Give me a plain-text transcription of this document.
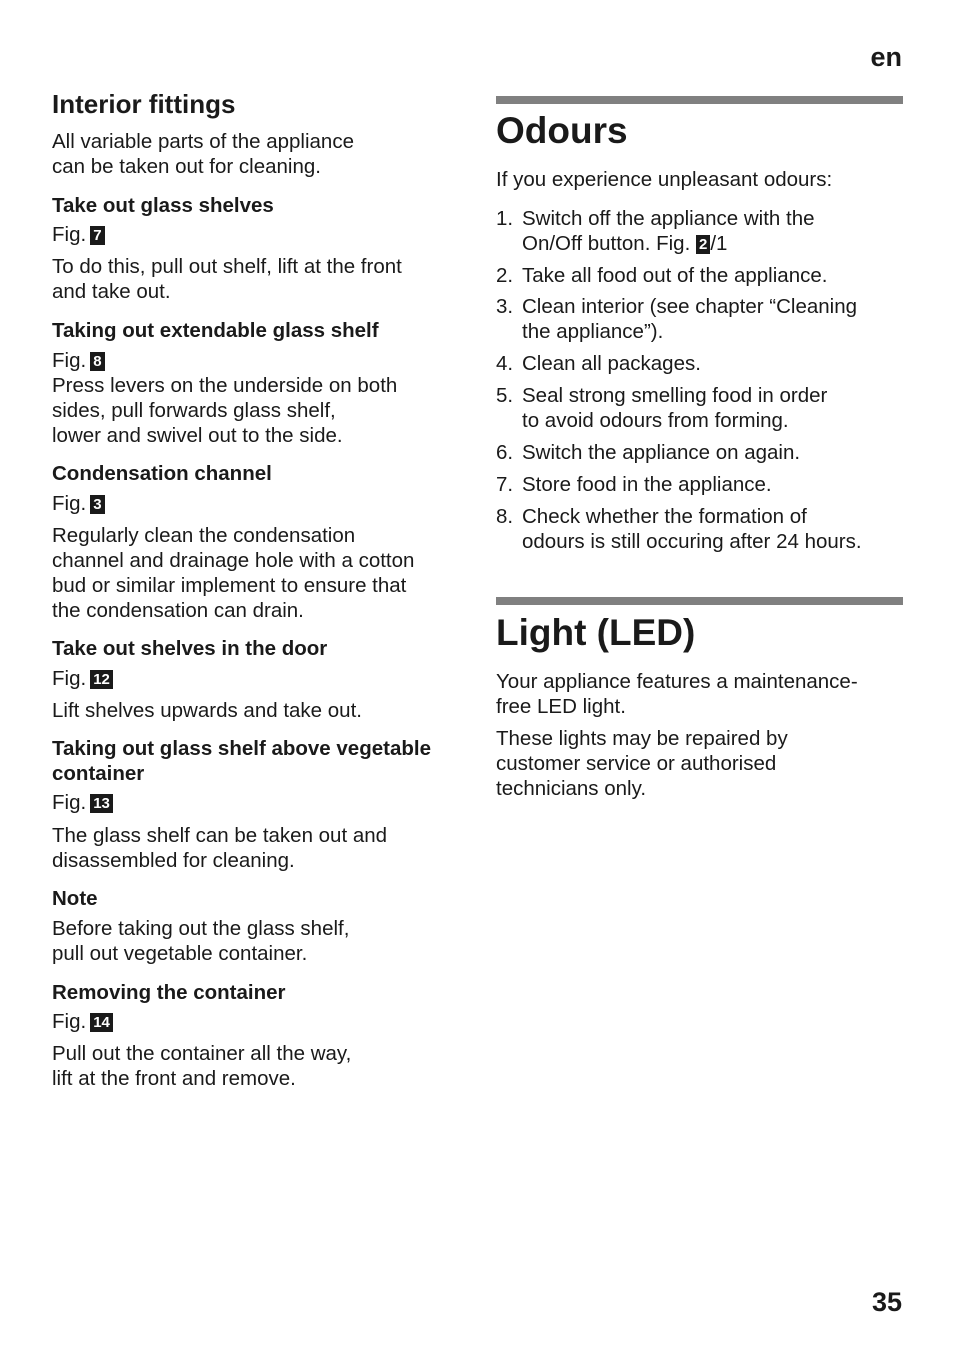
en
Interior fittings
All variable parts of the appliance
can be taken out for cleaning.
Take out glass shelves
Fig. 7
To do this, pull out shelf, lift at the front
and take out.
Taking out extendable glass shelf
Fig. 8
Press levers on the underside on both
sides, pull forwards glass shelf,
lower and swivel out to the side.
Condensation channel
Fig. 3
Regularly clean the condensation
channel and drainage hole with a cotton
bud or similar implement to ensure that
the condensation can drain.
Take out shelves in the door
Fig. 12
Lift shelves upwards and take out.
Taking out glass shelf above vegetable
container
Fig. 13
The glass shelf can be taken out and
disassembled for cleaning.
Note
Before taking out the glass shelf,
pull out vegetable container.
Removing the container
Fig. 14
Pull out the container all the way,
lift at the front and remove.
Odours
If you experience unpleasant odours:
1. Switch off the appliance with the
On/Off button. Fig. 2 /1
2. Take all food out of the appliance.
3. Clean interior (see chapter “Cleaning
the appliance”).
4. Clean all packages.
5. Seal strong smelling food in order
to avoid odours from forming.
6. Switch the appliance on again.
7. Store food in the appliance.
8. Check whether the formation of
odours is still occuring after 24 hours.
Light (LED)
Your appliance features a maintenance-
free LED light.
These lights may be repaired by
customer service or authorised
technicians only.
35
